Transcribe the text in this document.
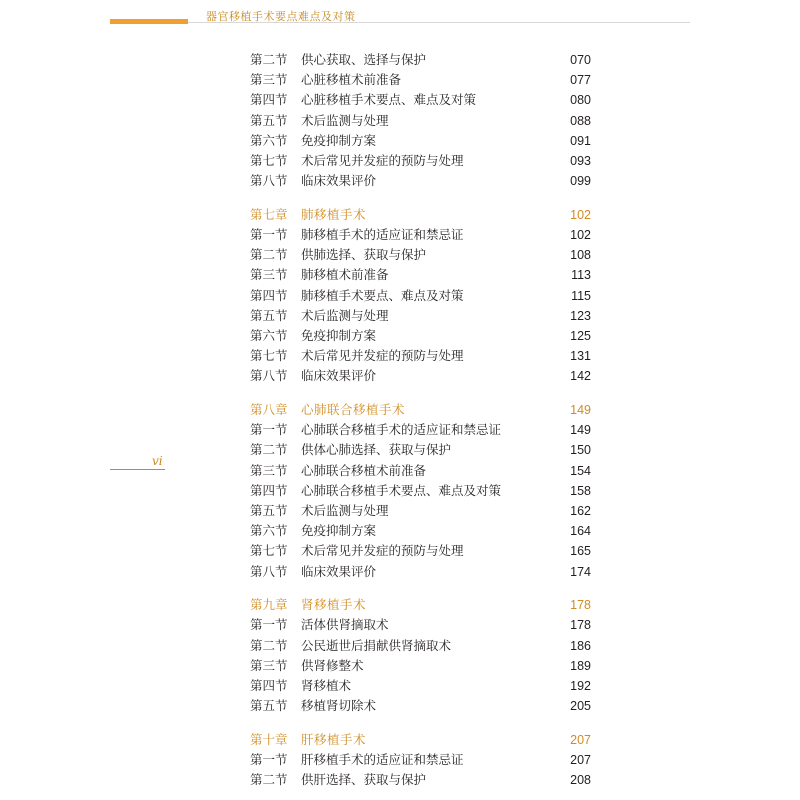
器官移植手术要点难点及对策
vi
第二节 供心获取、选择与保护	070
第三节 心脏移植术前准备	077
第四节 心脏移植手术要点、难点及对策	080
第五节 术后监测与处理	088
第六节 免疫抑制方案	091
第七节 术后常见并发症的预防与处理	093
第八节 临床效果评价	099
第七章 肺移植手术	102
第一节 肺移植手术的适应证和禁忌证	102
第二节 供肺选择、获取与保护	108
第三节 肺移植术前准备	113
第四节 肺移植手术要点、难点及对策	115
第五节 术后监测与处理	123
第六节 免疫抑制方案	125
第七节 术后常见并发症的预防与处理	131
第八节 临床效果评价	142
第八章 心肺联合移植手术	149
第一节 心肺联合移植手术的适应证和禁忌证	149
第二节 供体心肺选择、获取与保护	150
第三节 心肺联合移植术前准备	154
第四节 心肺联合移植手术要点、难点及对策	158
第五节 术后监测与处理	162
第六节 免疫抑制方案	164
第七节 术后常见并发症的预防与处理	165
第八节 临床效果评价	174
第九章 肾移植手术	178
第一节 活体供肾摘取术	178
第二节 公民逝世后捐献供肾摘取术	186
第三节 供肾修整术	189
第四节 肾移植术	192
第五节 移植肾切除术	205
第十章 肝移植手术	207
第一节 肝移植手术的适应证和禁忌证	207
第二节 供肝选择、获取与保护	208
